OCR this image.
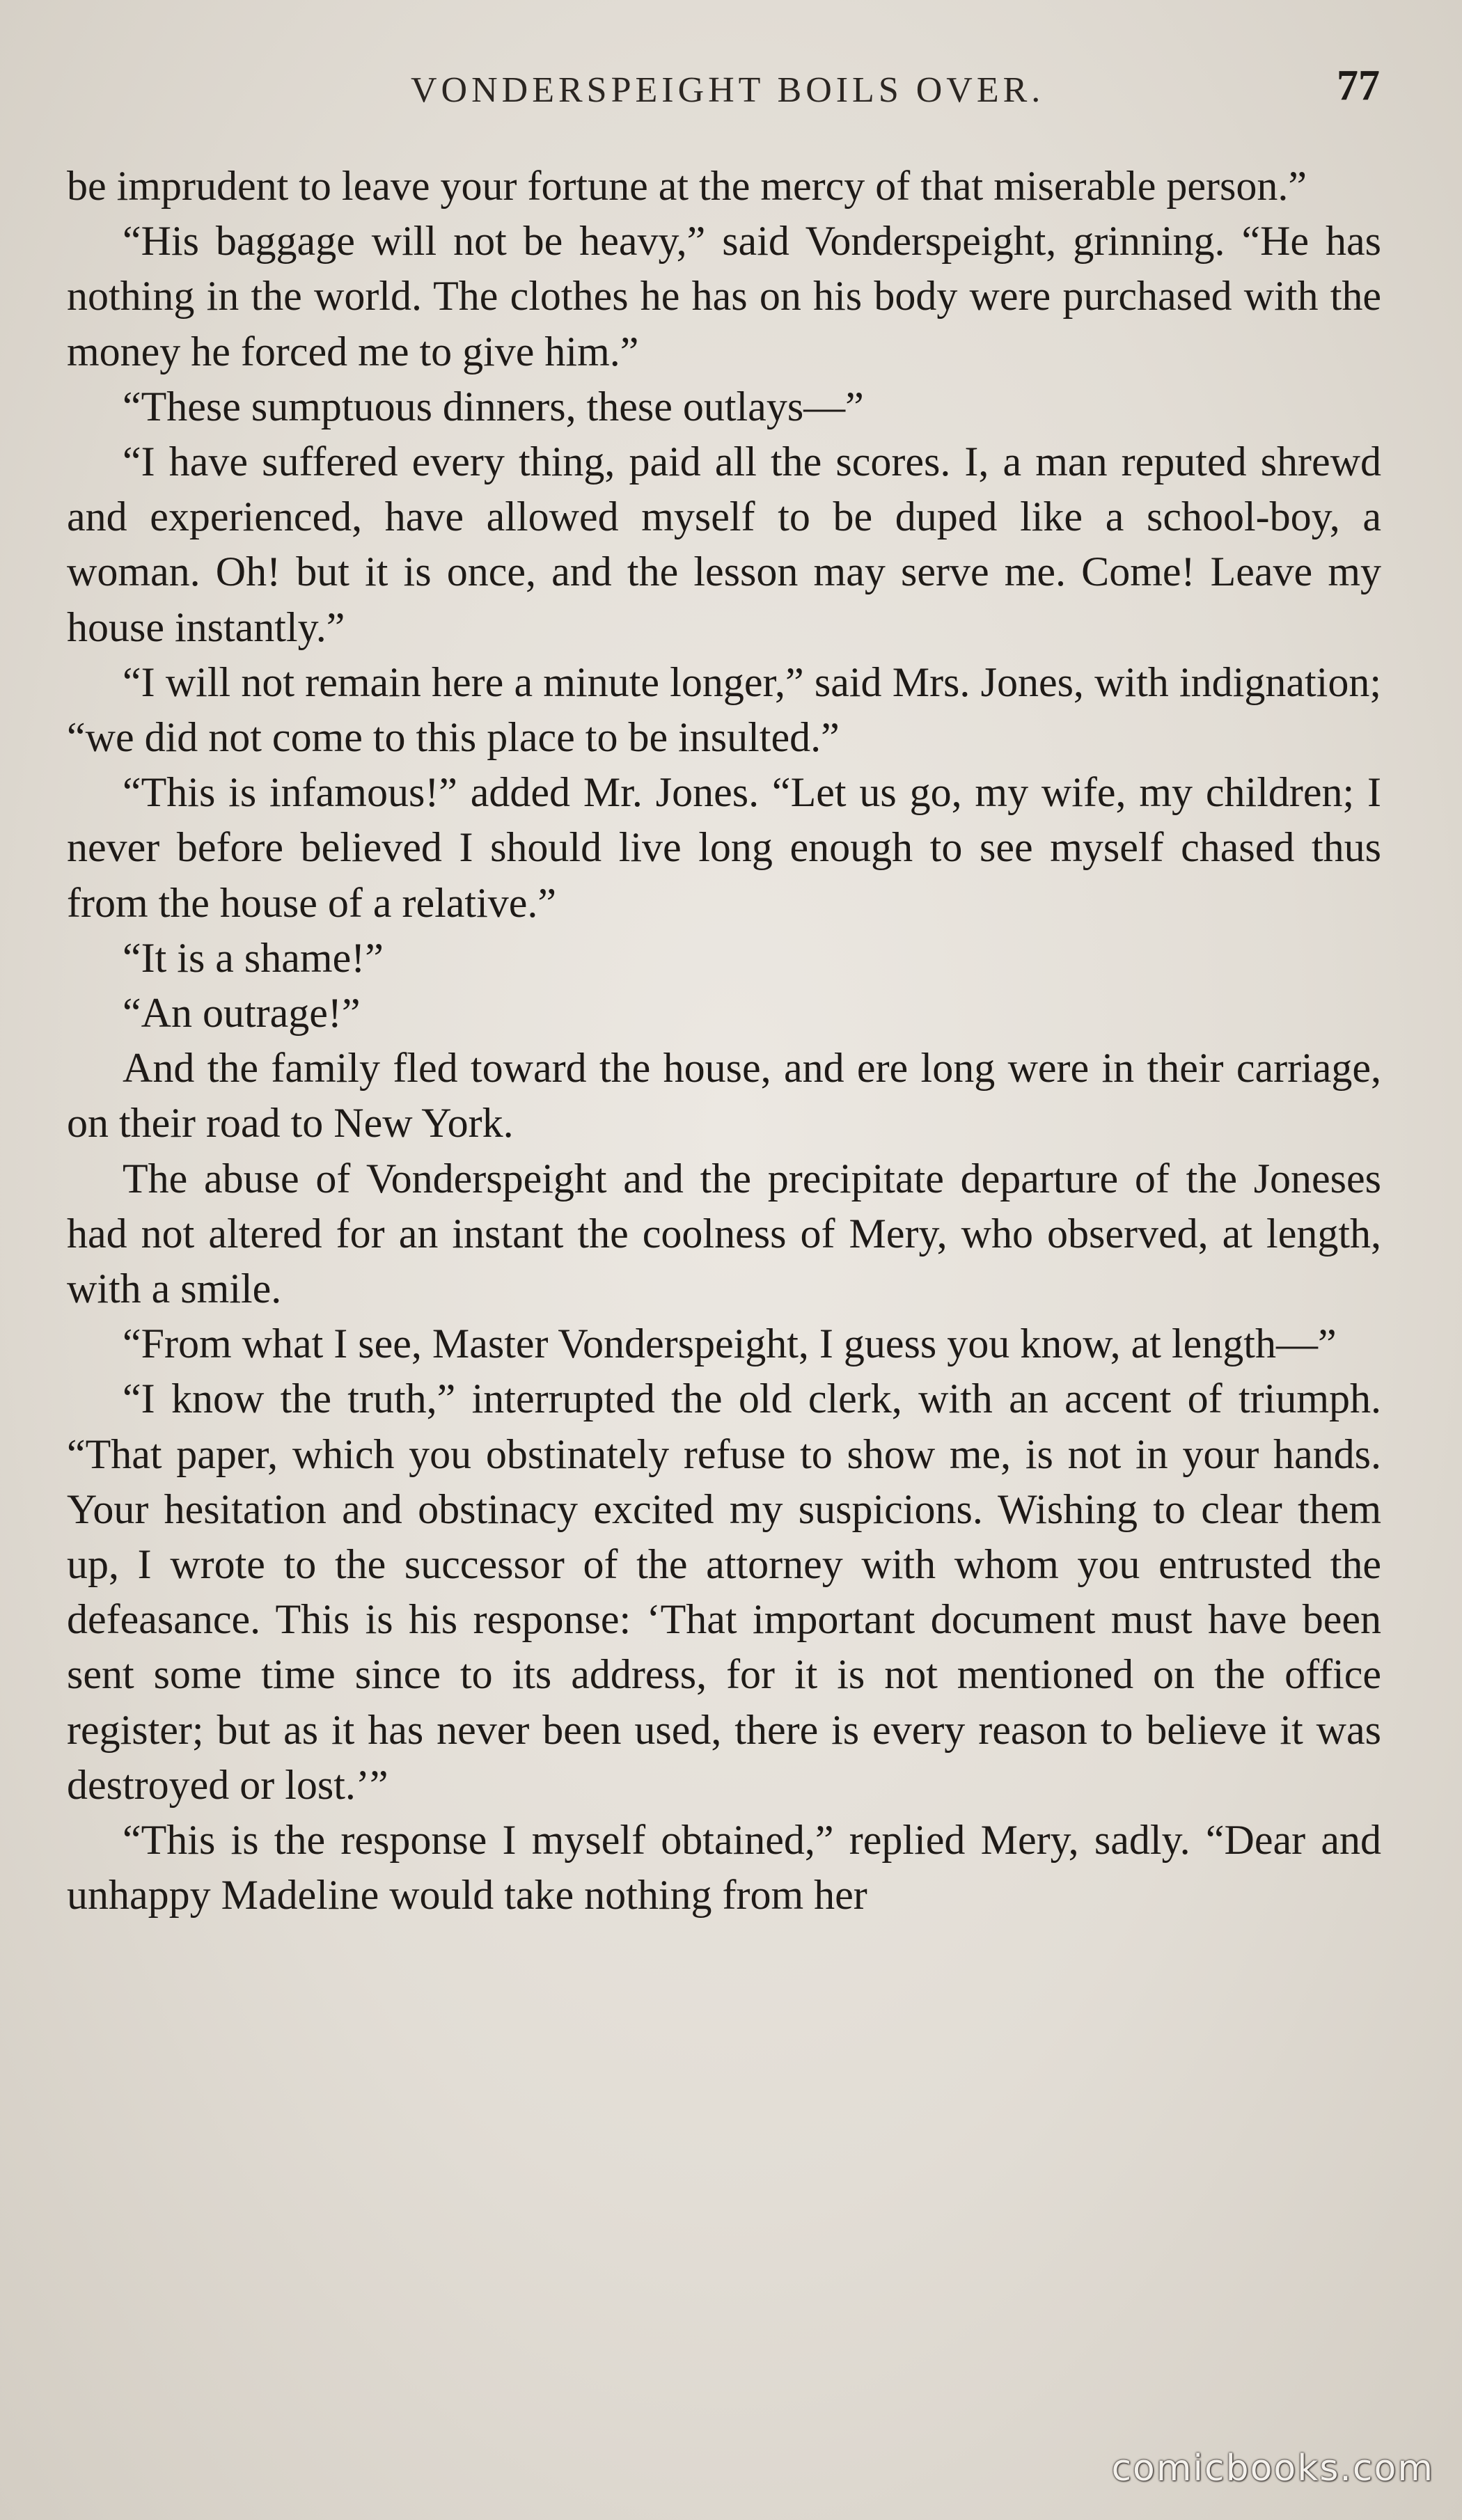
VONDERSPEIGHT BOILS OVER.	77

be imprudent to leave your fortune at the mercy of that miserable person.”

“His baggage will not be heavy,” said Vonderspeight, grinning. “He has nothing in the world. The clothes he has on his body were purchased with the money he forced me to give him.”

“These sumptuous dinners, these outlays—”

“I have suffered every thing, paid all the scores. I, a man reputed shrewd and experienced, have allowed myself to be duped like a school-boy, a woman. Oh! but it is once, and the lesson may serve me. Come! Leave my house instantly.”

“I will not remain here a minute longer,” said Mrs. Jones, with indignation; “we did not come to this place to be insulted.”

“This is infamous!” added Mr. Jones. “Let us go, my wife, my children; I never before believed I should live long enough to see myself chased thus from the house of a relative.”

“It is a shame!”

“An outrage!”

And the family fled toward the house, and ere long were in their carriage, on their road to New York.

The abuse of Vonderspeight and the precipitate departure of the Joneses had not altered for an instant the coolness of Mery, who observed, at length, with a smile.

“From what I see, Master Vonderspeight, I guess you know, at length—”

“I know the truth,” interrupted the old clerk, with an accent of triumph. “That paper, which you obstinately refuse to show me, is not in your hands. Your hesitation and obstinacy excited my suspicions. Wishing to clear them up, I wrote to the successor of the attorney with whom you entrusted the defeasance. This is his response: ‘That important document must have been sent some time since to its address, for it is not mentioned on the office register; but as it has never been used, there is every reason to believe it was destroyed or lost.’”

“This is the response I myself obtained,” replied Mery, sadly. “Dear and unhappy Madeline would take nothing from her

comicbooks.com
